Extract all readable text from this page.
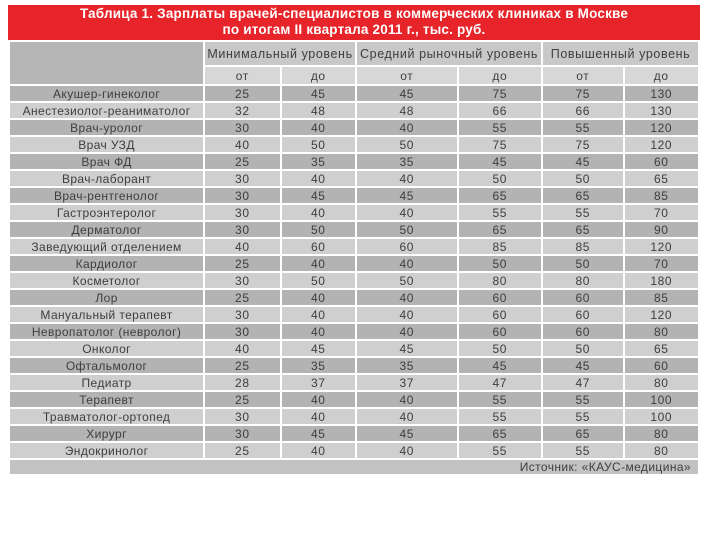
Таблица 1. Зарплаты врачей-специалистов в коммерческих клиниках в Москве
по итогам II квартала 2011 г., тыс. руб.
	Минимальный уровень		Средний рыночный уровень		Повышенный уровень	
	от	до	от	до	от	до
Акушер-гинеколог	25	45	45	75	75	130
Анестезиолог-реаниматолог	32	48	48	66	66	130
Врач-уролог	30	40	40	55	55	120
Врач УЗД	40	50	50	75	75	120
Врач ФД	25	35	35	45	45	60
Врач-лаборант	30	40	40	50	50	65
Врач-рентгенолог	30	45	45	65	65	85
Гастроэнтеролог	30	40	40	55	55	70
Дерматолог	30	50	50	65	65	90
Заведующий отделением	40	60	60	85	85	120
Кардиолог	25	40	40	50	50	70
Косметолог	30	50	50	80	80	180
Лор	25	40	40	60	60	85
Мануальный терапевт	30	40	40	60	60	120
Невропатолог (невролог)	30	40	40	60	60	80
Онколог	40	45	45	50	50	65
Офтальмолог	25	35	35	45	45	60
Педиатр	28	37	37	47	47	80
Терапевт	25	40	40	55	55	100
Травматолог-ортопед	30	40	40	55	55	100
Хирург	30	45	45	65	65	80
Эндокринолог	25	40	40	55	55	80
Источник: «КАУС-медицина»						
